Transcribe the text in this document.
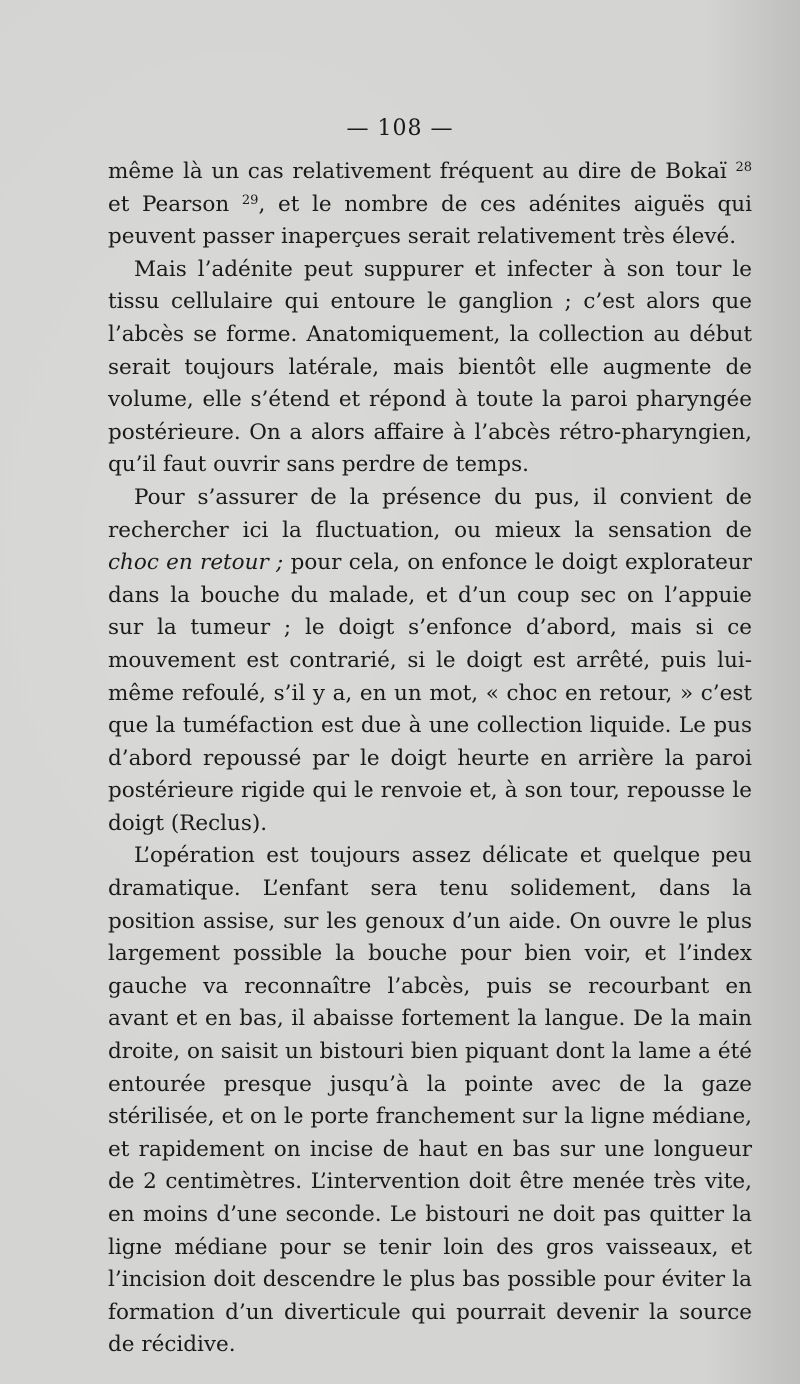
— 108 —

même là un cas relativement fréquent au dire de Bokaï $^{28}$ et Pearson $^{29}$, et le nombre de ces adénites aiguës qui peuvent passer inaperçues serait relativement très élevé.

Mais l’adénite peut suppurer et infecter à son tour le tissu cellulaire qui entoure le ganglion ; c’est alors que l’abcès se forme. Anatomiquement, la collection au début serait toujours latérale, mais bientôt elle augmente de volume, elle s’étend et répond à toute la paroi pharyngée postérieure. On a alors affaire à l’abcès rétro-pharyngien, qu’il faut ouvrir sans perdre de temps.

Pour s’assurer de la présence du pus, il convient de rechercher ici la fluctuation, ou mieux la sensation de choc en retour ; pour cela, on enfonce le doigt explorateur dans la bouche du malade, et d’un coup sec on l’appuie sur la tumeur ; le doigt s’enfonce d’abord, mais si ce mouvement est contrarié, si le doigt est arrêté, puis lui-même refoulé, s’il y a, en un mot, « choc en retour, » c’est que la tuméfaction est due à une collection liquide. Le pus d’abord repoussé par le doigt heurte en arrière la paroi postérieure rigide qui le renvoie et, à son tour, repousse le doigt (Reclus).

L’opération est toujours assez délicate et quelque peu dramatique. L’enfant sera tenu solidement, dans la position assise, sur les genoux d’un aide. On ouvre le plus largement possible la bouche pour bien voir, et l’index gauche va reconnaître l’abcès, puis se recourbant en avant et en bas, il abaisse fortement la langue. De la main droite, on saisit un bistouri bien piquant dont la lame a été entourée presque jusqu’à la pointe avec de la gaze stérilisée, et on le porte franchement sur la ligne médiane, et rapidement on incise de haut en bas sur une longueur de 2 centimètres. L’intervention doit être menée très vite, en moins d’une seconde. Le bistouri ne doit pas quitter la ligne médiane pour se tenir loin des gros vaisseaux, et l’incision doit descendre le plus bas possible pour éviter la formation d’un diverticule qui pourrait devenir la source de récidive.
